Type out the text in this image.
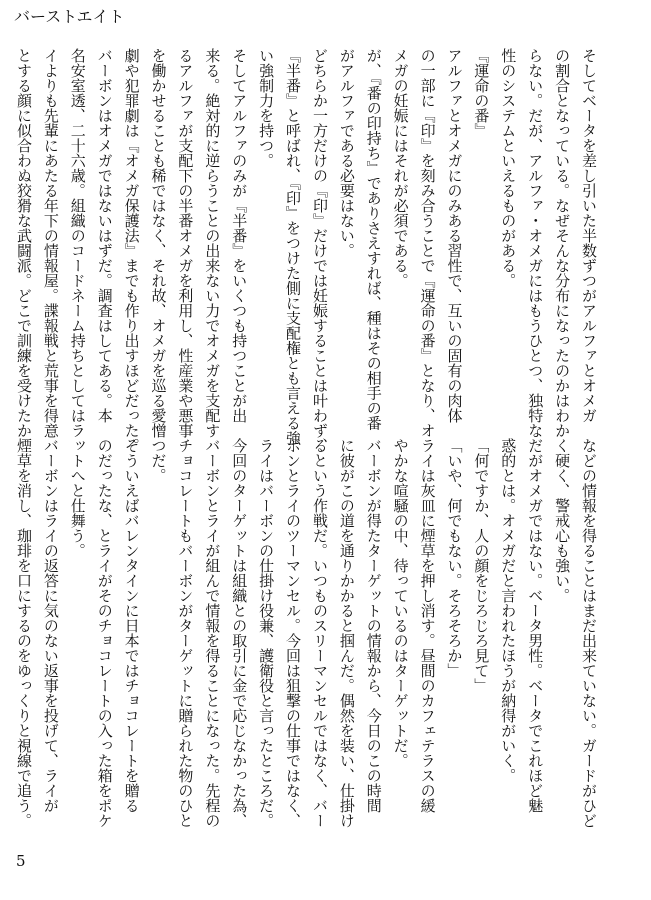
バーストエイト

そしてベータを差し引いた半数ずつがアルファとオメガ

の割合となっている。なぜそんな分布になったのかはわか

らない。だが、アルファ・オメガにはもうひとつ、独特な

性のシステムといえるものがある。

『運命の番』

アルファとオメガにのみある習性で、互いの固有の肉体

の一部に『印』を刻み合うことで『運命の番』となり、オ

メガの妊娠にはそれが必須である。

が、『番の印持ち』でありさえすれば、種はその相手の番

がアルファである必要はない。

どちらか一方だけの『印』だけでは妊娠することは叶わず、

『半番』と呼ばれ、『印』をつけた側に支配権とも言える強

い強制力を持つ。

そしてアルファのみが『半番』をいくつも持つことが出

来る。絶対的に逆らうことの出来ない力でオメガを支配す

るアルファが支配下の半番オメガを利用し、性産業や悪事

を働かせることも稀ではなく、それ故、オメガを巡る愛憎

劇や犯罪劇は『オメガ保護法』までも作り出すほどだった。

バーボンはオメガではないはずだ。調査はしてある。本

名安室透、二十六歳。組織のコードネーム持ちとしてはラ

イよりも先輩にあたる年下の情報屋。諜報戦と荒事を得意

とする顔に似合わぬ狡猾な武闘派。どこで訓練を受けたか

などの情報を得ることはまだ出来ていない。ガードがひど

く硬く、警戒心も強い。

だがオメガではない。ベータ男性。ベータでこれほど魅

惑的とは。オメガだと言われたほうが納得がいく。

「何ですか、人の顔をじろじろ見て」

「いや、何でもない。そろそろか」

ライは灰皿に煙草を押し消す。昼間のカフェテラスの緩

やかな喧騒の中、待っているのはターゲットだ。

バーボンが得たターゲットの情報から、今日のこの時間

に彼がこの道を通りかかると掴んだ。偶然を装い、仕掛け

るという作戦だ。いつものスリーマンセルではなく、バー

ボンとライのツーマンセル。今回は狙撃の仕事ではなく、

ライはバーボンの仕掛け役兼、護衛役と言ったところだ。

今回のターゲットは組織との取引に金で応じなかった為、

バーボンとライが組んで情報を得ることになった。先程の

チョコレートもバーボンがターゲットに贈られた物のひと

つだ。

そういえばバレンタインに日本ではチョコレートを贈る

のだったな、とライがそのチョコレートの入った箱をポケ

ットへと仕舞う。

バーボンはライの返答に気のない返事を投げて、ライが

煙草を消し、珈琲を口にするのをゆっくりと視線で追う。

5
